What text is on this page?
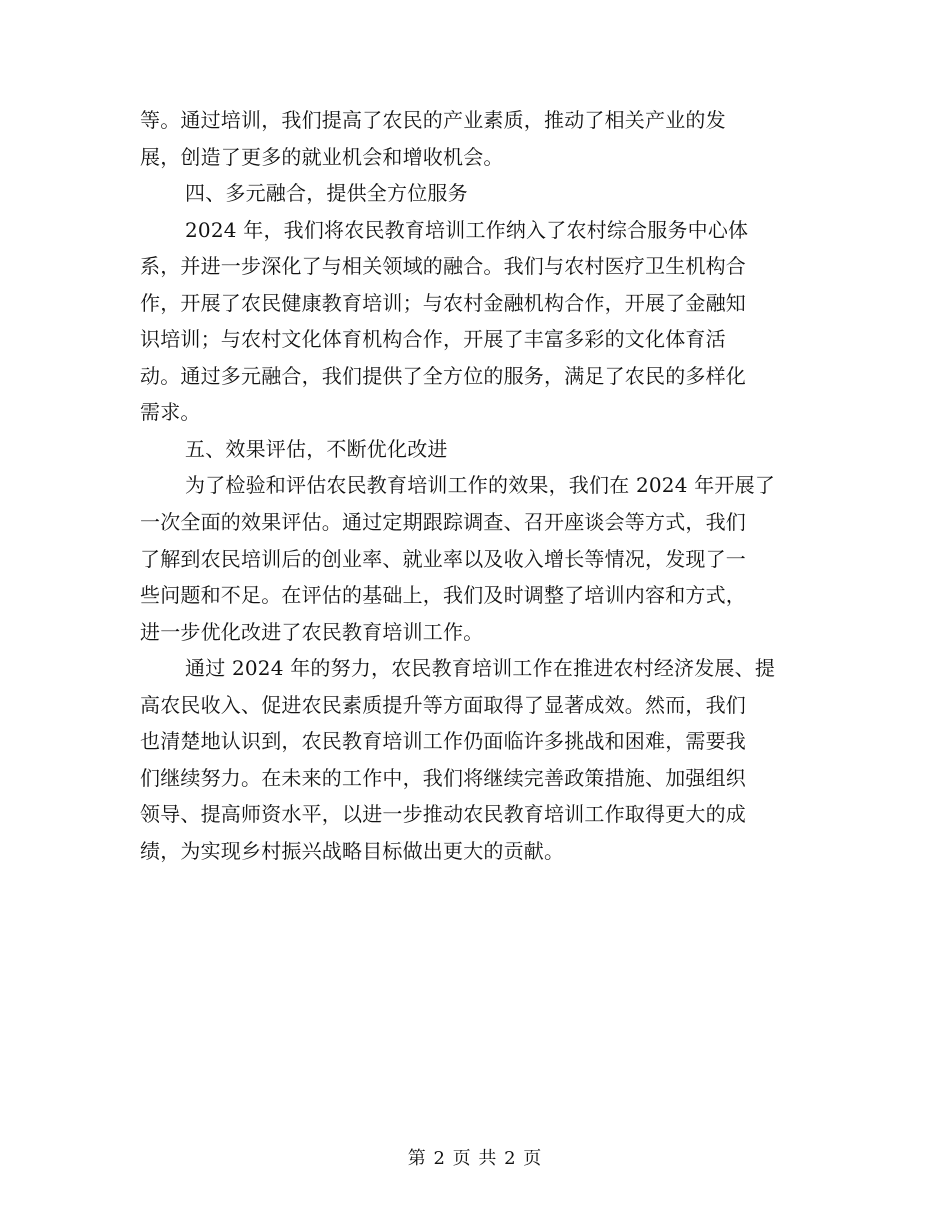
等。通过培训，我们提高了农民的产业素质，推动了相关产业的发
展，创造了更多的就业机会和增收机会。
四、多元融合，提供全方位服务
2024 年，我们将农民教育培训工作纳入了农村综合服务中心体
系，并进一步深化了与相关领域的融合。我们与农村医疗卫生机构合
作，开展了农民健康教育培训；与农村金融机构合作，开展了金融知
识培训；与农村文化体育机构合作，开展了丰富多彩的文化体育活
动。通过多元融合，我们提供了全方位的服务，满足了农民的多样化
需求。
五、效果评估，不断优化改进
为了检验和评估农民教育培训工作的效果，我们在 2024 年开展了
一次全面的效果评估。通过定期跟踪调查、召开座谈会等方式，我们
了解到农民培训后的创业率、就业率以及收入增长等情况，发现了一
些问题和不足。在评估的基础上，我们及时调整了培训内容和方式，
进一步优化改进了农民教育培训工作。
通过 2024 年的努力，农民教育培训工作在推进农村经济发展、提
高农民收入、促进农民素质提升等方面取得了显著成效。然而，我们
也清楚地认识到，农民教育培训工作仍面临许多挑战和困难，需要我
们继续努力。在未来的工作中，我们将继续完善政策措施、加强组织
领导、提高师资水平，以进一步推动农民教育培训工作取得更大的成
绩，为实现乡村振兴战略目标做出更大的贡献。
第 2 页 共 2 页
